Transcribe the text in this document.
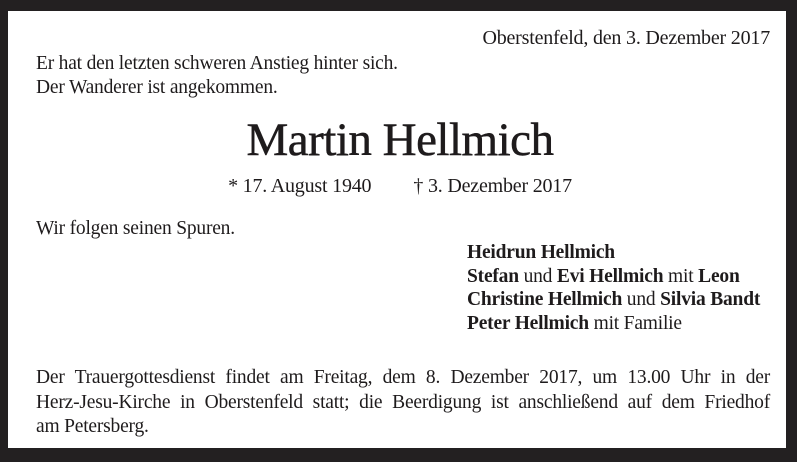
Oberstenfeld, den 3. Dezember 2017
Er hat den letzten schweren Anstieg hinter sich.
Der Wanderer ist angekommen.
Martin Hellmich
* 17. August 1940 † 3. Dezember 2017
Wir folgen seinen Spuren.
Heidrun Hellmich
Stefan und Evi Hellmich mit Leon
Christine Hellmich und Silvia Bandt
Peter Hellmich mit Familie
Der Trauergottesdienst findet am Freitag, dem 8. Dezember 2017, um 13.00 Uhr in der
Herz-Jesu-Kirche in Oberstenfeld statt; die Beerdigung ist anschließend auf dem Friedhof
am Petersberg.
